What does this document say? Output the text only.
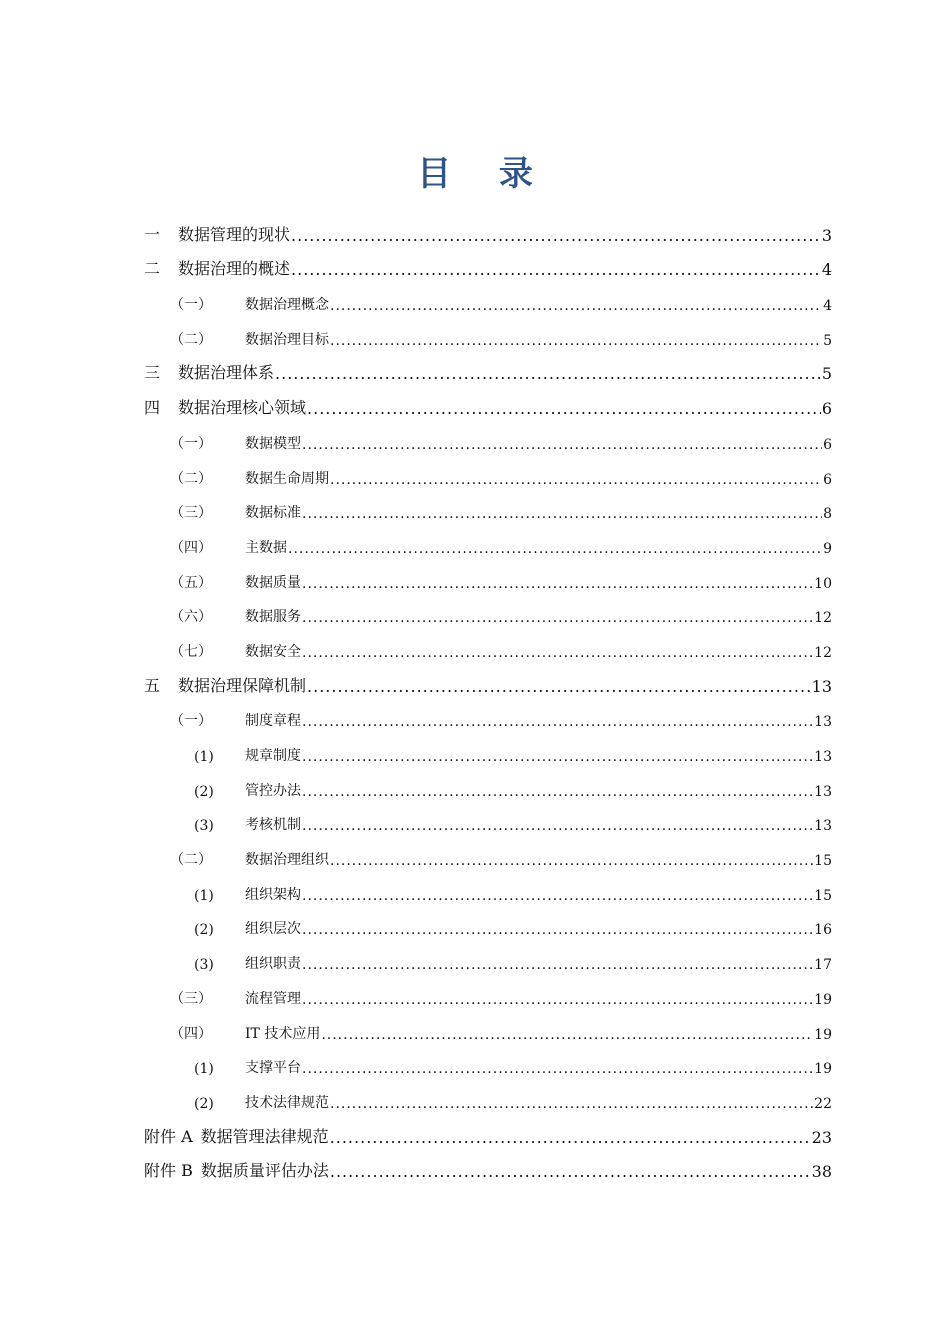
目 录
一	数据管理的现状 .....	3
二	数据治理的概述 .....	4
（一）	数据治理概念 .....	4
（二）	数据治理目标 .....	5
三	数据治理体系 .....	5
四	数据治理核心领域 .....	6
（一）	数据模型 .....	6
（二）	数据生命周期 .....	6
（三）	数据标准 .....	8
（四）	主数据 .....	9
（五）	数据质量 .....	10
（六）	数据服务 .....	12
（七）	数据安全 .....	12
五	数据治理保障机制 .....	13
（一）	制度章程 .....	13
(1)	规章制度 .....	13
(2)	管控办法 .....	13
(3)	考核机制 .....	13
（二）	数据治理组织 .....	15
(1)	组织架构 .....	15
(2)	组织层次 .....	16
(3)	组织职责 .....	17
（三）	流程管理 .....	19
（四）	IT 技术应用 .....	19
(1)	支撑平台 .....	19
(2)	技术法律规范 .....	22
附件 A 数据管理法律规范 .....	23
附件 B 数据质量评估办法 .....	38
